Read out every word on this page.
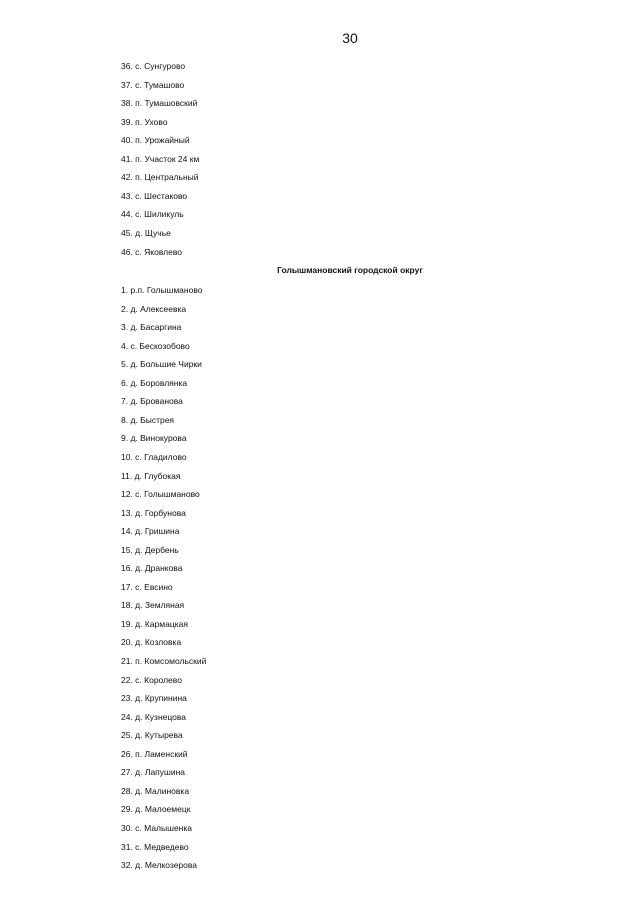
30
36. с. Сунгурово
37. с. Тумашово
38. п. Тумашовский
39. п. Ухово
40. п. Урожайный
41. п. Участок 24 км
42. п. Центральный
43. с. Шестаково
44. с. Шиликуль
45. д. Щучье
46. с. Яковлево
Голышмановский городской округ
1. р.п. Голышманово
2. д. Алексеевка
3. д. Басаргина
4. с. Бескозобово
5. д. Большие Чирки
6. д. Боровлянка
7. д. Брованова
8. д. Быстрея
9. д. Винокурова
10. с. Гладилово
11. д. Глубокая
12. с. Голышманово
13. д. Горбунова
14. д. Гришина
15. д. Дербень
16. д. Дранкова
17. с. Евсино
18. д. Земляная
19. д. Кармацкая
20. д. Козловка
21. п. Комсомольский
22. с. Королево
23. д. Крупинина
24. д. Кузнецова
25. д. Кутырева
26. п. Ламенский
27. д. Лапушина
28. д. Малиновка
29. д. Малоемецк
30. с. Малышенка
31. с. Медведево
32. д. Мелкозерова
